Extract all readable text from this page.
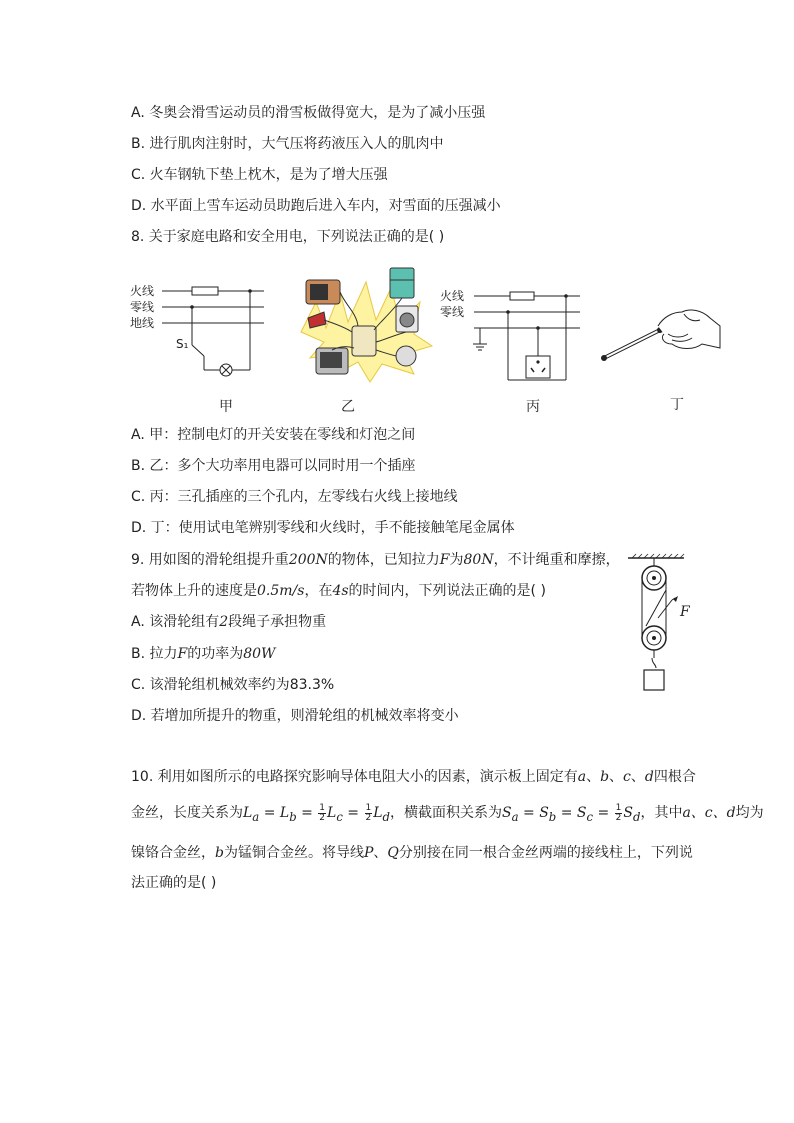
A. 冬奥会滑雪运动员的滑雪板做得宽大，是为了减小压强
B. 进行肌肉注射时，大气压将药液压入人的肌肉中
C. 火车钢轨下垫上枕木，是为了增大压强
D. 水平面上雪车运动员助跑后进入车内，对雪面的压强减小
8. 关于家庭电路和安全用电，下列说法正确的是( )
火线
零线
地线
S₁
甲	乙
火线
零线
丙	丁
A. 甲：控制电灯的开关安装在零线和灯泡之间
B. 乙：多个大功率用电器可以同时用一个插座
C. 丙：三孔插座的三个孔内，左零线右火线上接地线
D. 丁：使用试电笔辨别零线和火线时，手不能接触笔尾金属体
9. 用如图的滑轮组提升重200N的物体，已知拉力F为80N，不计绳重和摩擦，
若物体上升的速度是0.5m/s，在4s的时间内，下列说法正确的是( )
A. 该滑轮组有2段绳子承担物重
B. 拉力F的功率为80W
C. 该滑轮组机械效率约为83.3%
D. 若增加所提升的物重，则滑轮组的机械效率将变小
F
10. 利用如图所示的电路探究影响导体电阻大小的因素，演示板上固定有a、b、c、d四根合
金丝，长度关系为$L_a = L_b = \frac{1}{2} L_c = \frac{1}{2} L_d$，横截面积关系为$S_a = S_b = S_c = \frac{1}{2} S_d$，其中a、c、d均为
镍铬合金丝，b为锰铜合金丝。将导线P、Q分别接在同一根合金丝两端的接线柱上，下列说
法正确的是( )
